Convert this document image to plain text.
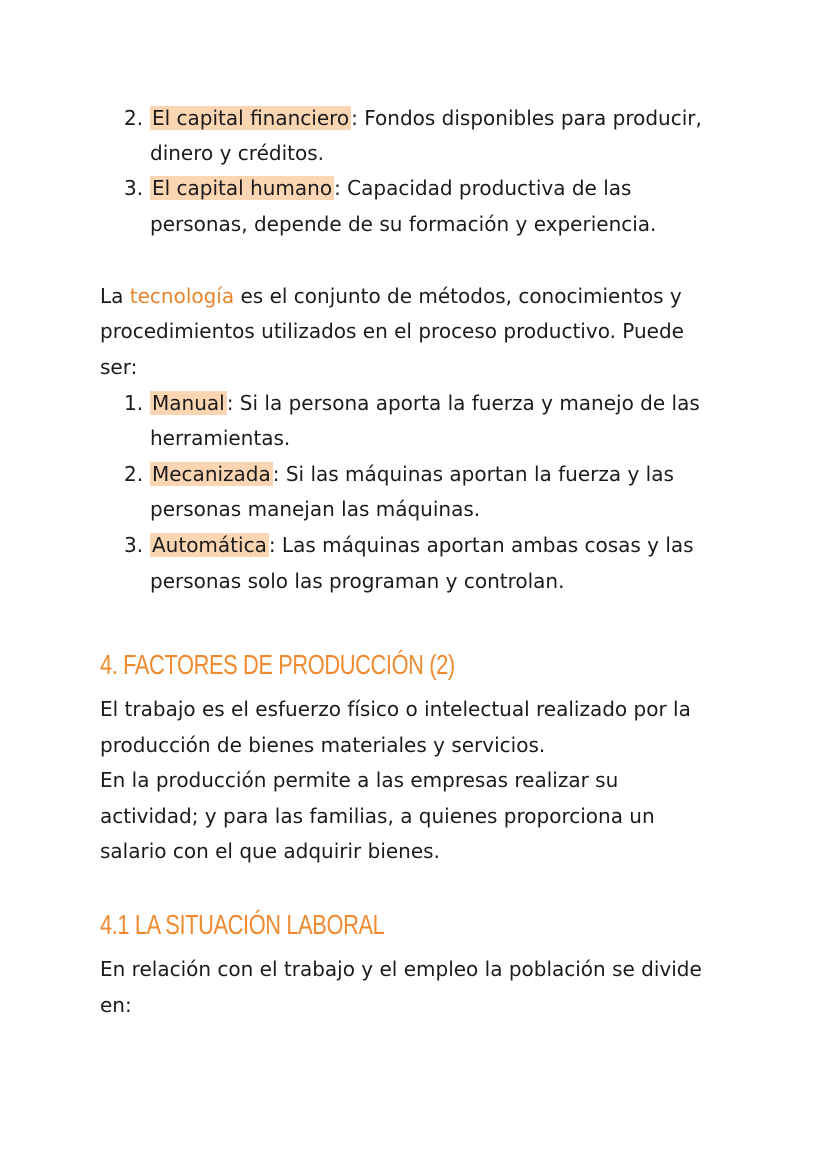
2. El capital financiero : Fondos disponibles para producir,
dinero y créditos.
3. El capital humano : Capacidad productiva de las
personas, depende de su formación y experiencia.
La tecnología es el conjunto de métodos, conocimientos y
procedimientos utilizados en el proceso productivo. Puede
ser:
1. Manual : Si la persona aporta la fuerza y manejo de las
herramientas.
2. Mecanizada : Si las máquinas aportan la fuerza y las
personas manejan las máquinas.
3. Automática : Las máquinas aportan ambas cosas y las
personas solo las programan y controlan.
4. FACTORES DE PRODUCCIÓN (2)
El trabajo es el esfuerzo físico o intelectual realizado por la
producción de bienes materiales y servicios.
En la producción permite a las empresas realizar su
actividad; y para las familias, a quienes proporciona un
salario con el que adquirir bienes.
4.1 LA SITUACIÓN LABORAL
En relación con el trabajo y el empleo la población se divide
en:
